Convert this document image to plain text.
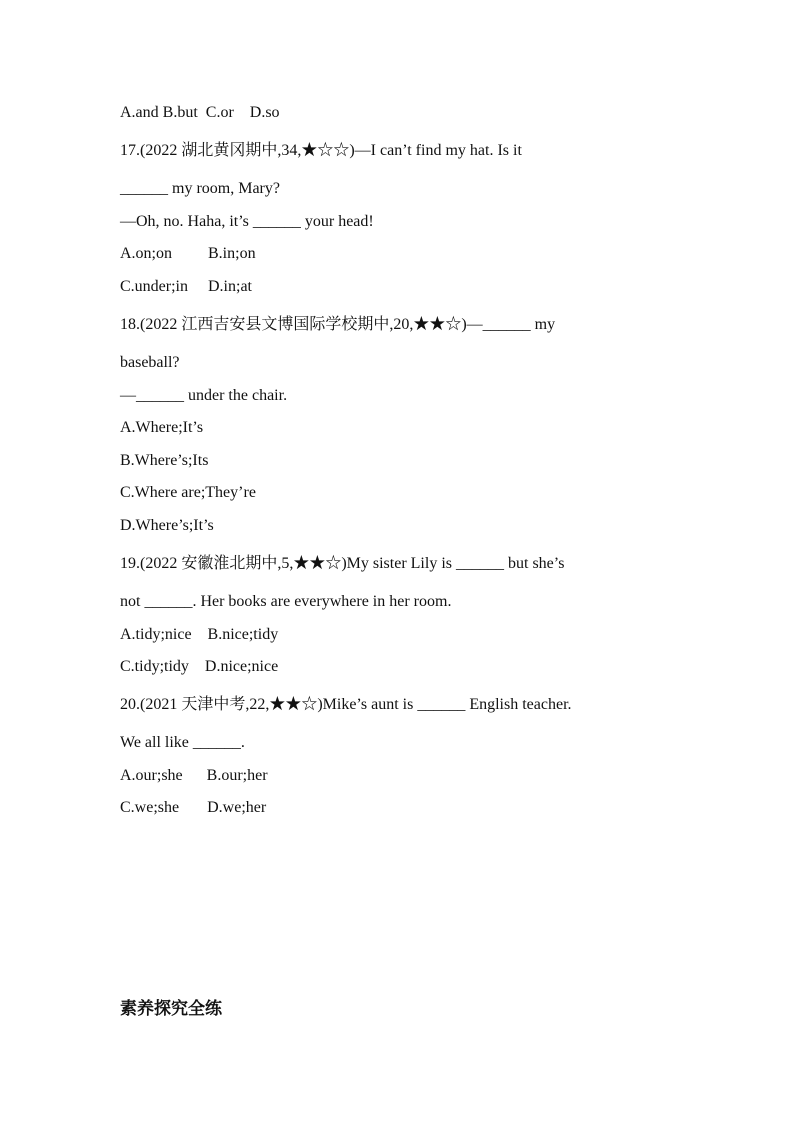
A.and B.but  C.or    D.so
17.(2022 湖北黄冈期中,34,★☆☆)—I can’t find my hat. Is it
______ my room, Mary?
—Oh, no. Haha, it’s ______ your head!
A.on;on         B.in;on
C.under;in     D.in;at
18.(2022 江西吉安县文博国际学校期中,20,★★☆)—______ my
baseball?
—______ under the chair.
A.Where;It’s
B.Where’s;Its
C.Where are;They’re
D.Where’s;It’s
19.(2022 安徽淮北期中,5,★★☆)My sister Lily is ______ but she’s
not ______. Her books are everywhere in her room.
A.tidy;nice    B.nice;tidy
C.tidy;tidy    D.nice;nice
20.(2021 天津中考,22,★★☆)Mike’s aunt is ______ English teacher.
We all like ______.
A.our;she      B.our;her
C.we;she       D.we;her
素养探究全练
